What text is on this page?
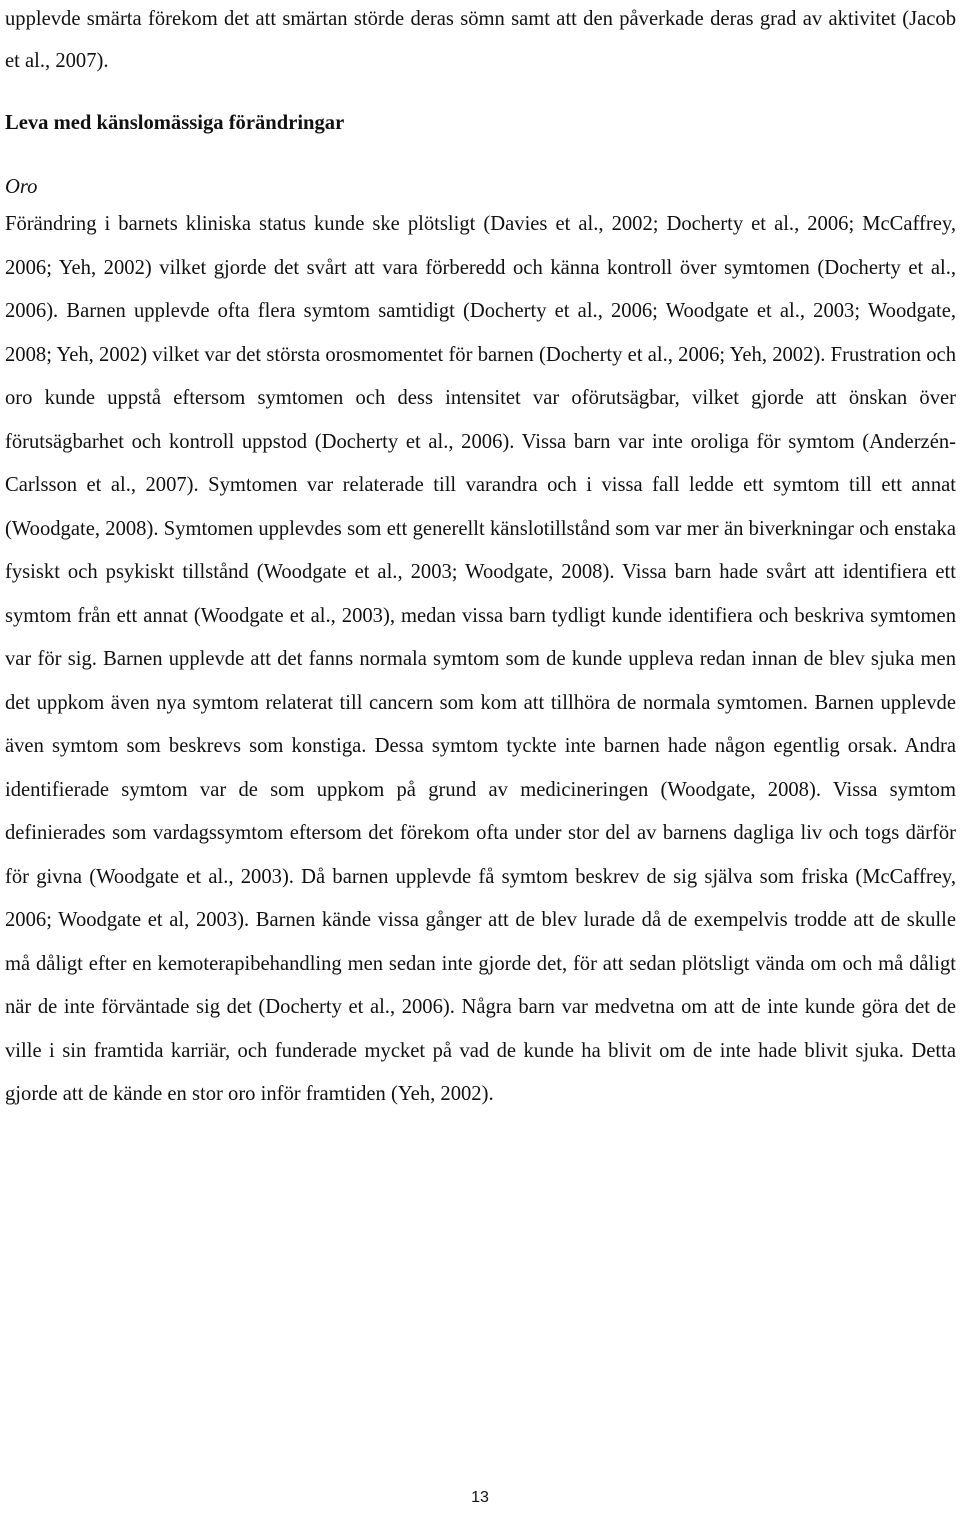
upplevde smärta förekom det att smärtan störde deras sömn samt att den påverkade deras grad av aktivitet (Jacob et al., 2007).

Leva med känslomässiga förändringar
Oro

Förändring i barnets kliniska status kunde ske plötsligt (Davies et al., 2002; Docherty et al., 2006; McCaffrey, 2006; Yeh, 2002) vilket gjorde det svårt att vara förberedd och känna kontroll över symtomen (Docherty et al., 2006). Barnen upplevde ofta flera symtom samtidigt (Docherty et al., 2006; Woodgate et al., 2003; Woodgate, 2008; Yeh, 2002) vilket var det största orosmomentet för barnen (Docherty et al., 2006; Yeh, 2002). Frustration och oro kunde uppstå eftersom symtomen och dess intensitet var oförutsägbar, vilket gjorde att önskan över förutsägbarhet och kontroll uppstod (Docherty et al., 2006). Vissa barn var inte oroliga för symtom (Anderzén-Carlsson et al., 2007). Symtomen var relaterade till varandra och i vissa fall ledde ett symtom till ett annat (Woodgate, 2008). Symtomen upplevdes som ett generellt känslotillstånd som var mer än biverkningar och enstaka fysiskt och psykiskt tillstånd (Woodgate et al., 2003; Woodgate, 2008). Vissa barn hade svårt att identifiera ett symtom från ett annat (Woodgate et al., 2003), medan vissa barn tydligt kunde identifiera och beskriva symtomen var för sig. Barnen upplevde att det fanns normala symtom som de kunde uppleva redan innan de blev sjuka men det uppkom även nya symtom relaterat till cancern som kom att tillhöra de normala symtomen. Barnen upplevde även symtom som beskrevs som konstiga. Dessa symtom tyckte inte barnen hade någon egentlig orsak. Andra identifierade symtom var de som uppkom på grund av medicineringen (Woodgate, 2008). Vissa symtom definierades som vardagssymtom eftersom det förekom ofta under stor del av barnens dagliga liv och togs därför för givna (Woodgate et al., 2003). Då barnen upplevde få symtom beskrev de sig själva som friska (McCaffrey, 2006; Woodgate et al, 2003). Barnen kände vissa gånger att de blev lurade då de exempelvis trodde att de skulle må dåligt efter en kemoterapibehandling men sedan inte gjorde det, för att sedan plötsligt vända om och må dåligt när de inte förväntade sig det (Docherty et al., 2006). Några barn var medvetna om att de inte kunde göra det de ville i sin framtida karriär, och funderade mycket på vad de kunde ha blivit om de inte hade blivit sjuka. Detta gjorde att de kände en stor oro inför framtiden (Yeh, 2002).

13
